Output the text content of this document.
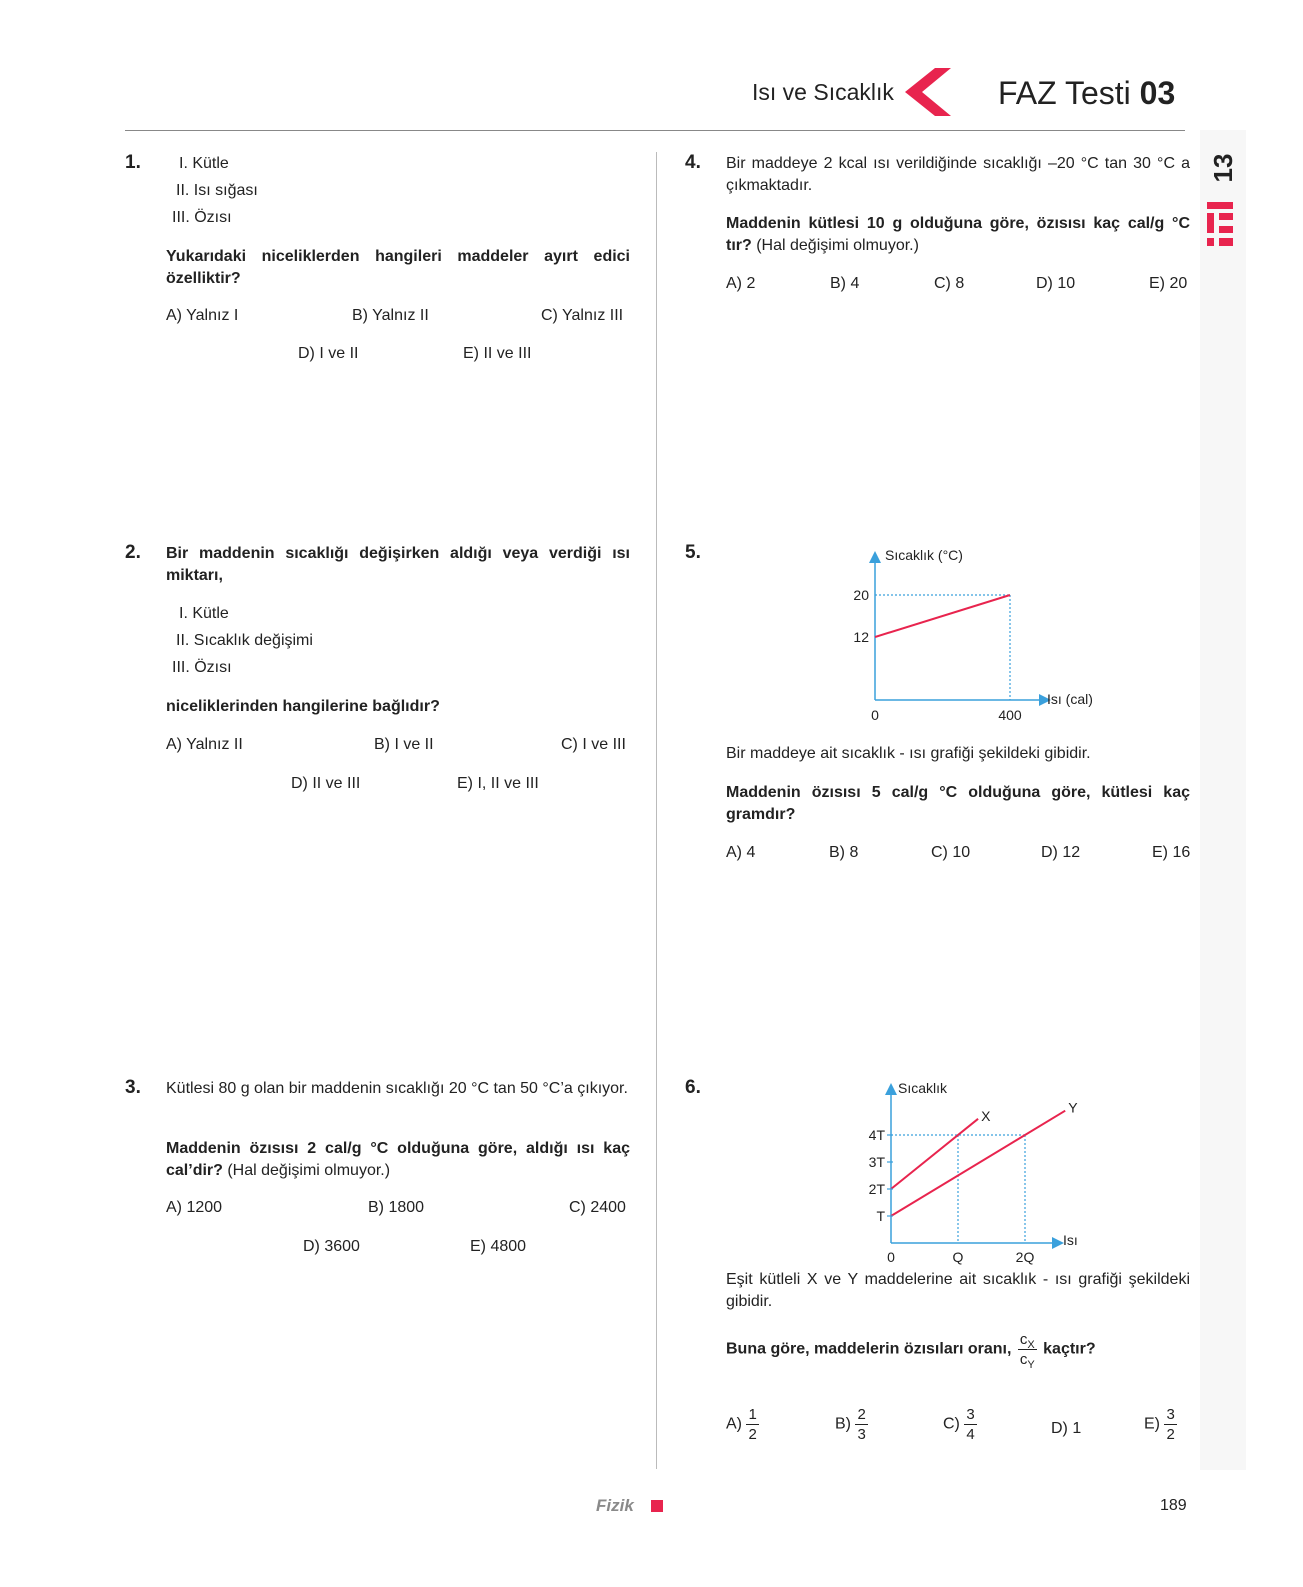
Isı ve Sıcaklık	FAZ Testi 03
13
1. I. Kütle
II. Isı sığası
III. Özısı
Yukarıdaki niceliklerden hangileri maddeler ayırt edici özelliktir?
A) Yalnız I	B) Yalnız II	C) Yalnız III
D) I ve II	E) II ve III
2. Bir maddenin sıcaklığı değişirken aldığı veya verdiği ısı miktarı,
I. Kütle
II. Sıcaklık değişimi
III. Özısı
niceliklerinden hangilerine bağlıdır?
A) Yalnız II	B) I ve II	C) I ve III
D) II ve III	E) I, II ve III
3. Kütlesi 80 g olan bir maddenin sıcaklığı 20 °C tan 50 °C’a çıkıyor.
Maddenin özısısı 2 cal/g °C olduğuna göre, aldığı ısı kaç cal’dir? (Hal değişimi olmuyor.)
A) 1200	B) 1800	C) 2400
D) 3600	E) 4800
4. Bir maddeye 2 kcal ısı verildiğinde sıcaklığı –20 °C tan 30 °C a çıkmaktadır.
Maddenin kütlesi 10 g olduğuna göre, özısısı kaç cal/g °C tır? (Hal değişimi olmuyor.)
A) 2	B) 4	C) 8	D) 10	E) 20
5.
12
20
0	400
Sıcaklık (°C)
Isı (cal)
Bir maddeye ait sıcaklık - ısı grafiği şekildeki gibidir.
Maddenin özısısı 5 cal/g °C olduğuna göre, kütlesi kaç gramdır?
A) 4	B) 8	C) 10	D) 12	E) 16
6.
X
Y
T
2T
3T
4T
0	Q	2Q
Sıcaklık
Isı
Eşit kütleli X ve Y maddelerine ait sıcaklık - ısı grafiği şekildeki gibidir.
Buna göre, maddelerin özısıları oranı, $\frac{c_X}{c_Y}$ kaçtır?
$A) \frac{1}{2}$	$B) \frac{2}{3}$	$C) \frac{3}{4}$	D) 1	$E) \frac{3}{2}$
Fizik	189
